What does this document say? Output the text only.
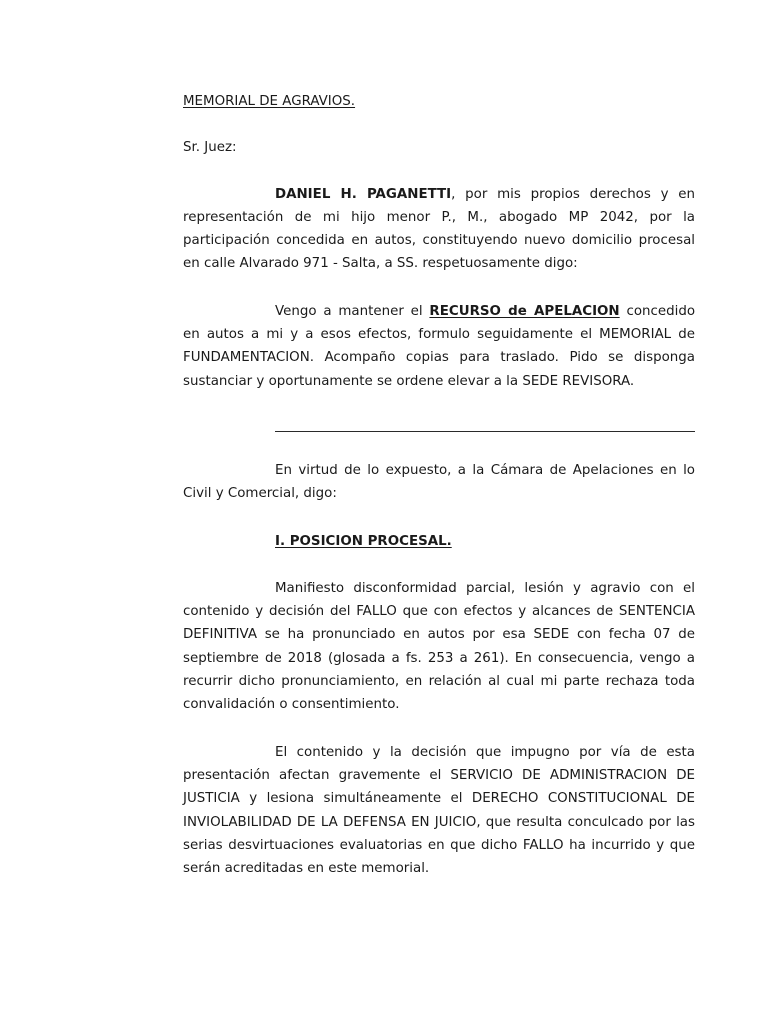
MEMORIAL DE AGRAVIOS.

Sr. Juez:

DANIEL H. PAGANETTI, por mis propios derechos y en representación de mi hijo menor P., M., abogado MP 2042, por la participación concedida en autos, constituyendo nuevo domicilio procesal en calle Alvarado 971 - Salta, a SS. respetuosamente digo:

Vengo a mantener el RECURSO de APELACION concedido en autos a mi y a esos efectos, formulo seguidamente el MEMORIAL de FUNDAMENTACION. Acompaño copias para traslado. Pido se disponga sustanciar y oportunamente se ordene elevar a la SEDE REVISORA.

En virtud de lo expuesto, a la Cámara de Apelaciones en lo Civil y Comercial, digo:

I. POSICION PROCESAL.

Manifiesto disconformidad parcial, lesión y agravio con el contenido y decisión del FALLO que con efectos y alcances de SENTENCIA DEFINITIVA se ha pronunciado en autos por esa SEDE con fecha 07 de septiembre de 2018 (glosada a fs. 253 a 261). En consecuencia, vengo a recurrir dicho pronunciamiento, en relación al cual mi parte rechaza toda convalidación o consentimiento.

El contenido y la decisión que impugno por vía de esta presentación afectan gravemente el SERVICIO DE ADMINISTRACION DE JUSTICIA y lesiona simultáneamente el DERECHO CONSTITUCIONAL DE INVIOLABILIDAD DE LA DEFENSA EN JUICIO, que resulta conculcado por las serias desvirtuaciones evaluatorias en que dicho FALLO ha incurrido y que serán acreditadas en este memorial.
